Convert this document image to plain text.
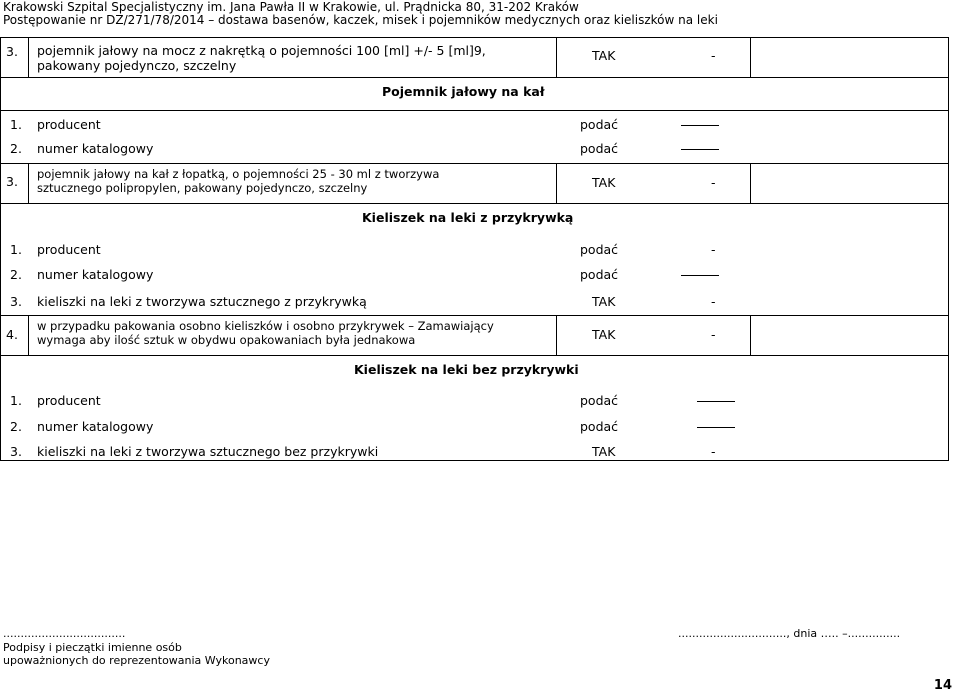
Krakowski Szpital Specjalistyczny im. Jana Pawła II w Krakowie, ul. Prądnicka 80, 31-202 Kraków
Postępowanie nr DZ/271/78/2014 – dostawa basenów, kaczek, misek i pojemników medycznych oraz kieliszków na leki
3. pojemnik jałowy na mocz z nakrętką o pojemności 100 [ml] +/- 5 [ml]9,
pakowany pojedynczo, szczelny
TAK	-
Pojemnik jałowy na kał
1. producent	podać
2. numer katalogowy	podać
3. pojemnik jałowy na kał z łopatką, o pojemności 25 - 30 ml z tworzywa
sztucznego polipropylen, pakowany pojedynczo, szczelny	TAK	-
Kieliszek na leki z przykrywką
1. producent	podać	-
2. numer katalogowy	podać
3. kieliszki na leki z tworzywa sztucznego z przykrywką	TAK	-
4.
w przypadku pakowania osobno kieliszków i osobno przykrywek – Zamawiający
wymaga aby ilość sztuk w obydwu opakowaniach była jednakowa	TAK	-
Kieliszek na leki bez przykrywki
1. producent	podać
2. numer katalogowy	podać
3. kieliszki na leki z tworzywa sztucznego bez przykrywki	TAK	-
...................................
Podpisy i pieczątki imienne osób
upoważnionych do reprezentowania Wykonawcy
..............................., dnia ….. –...............
14
